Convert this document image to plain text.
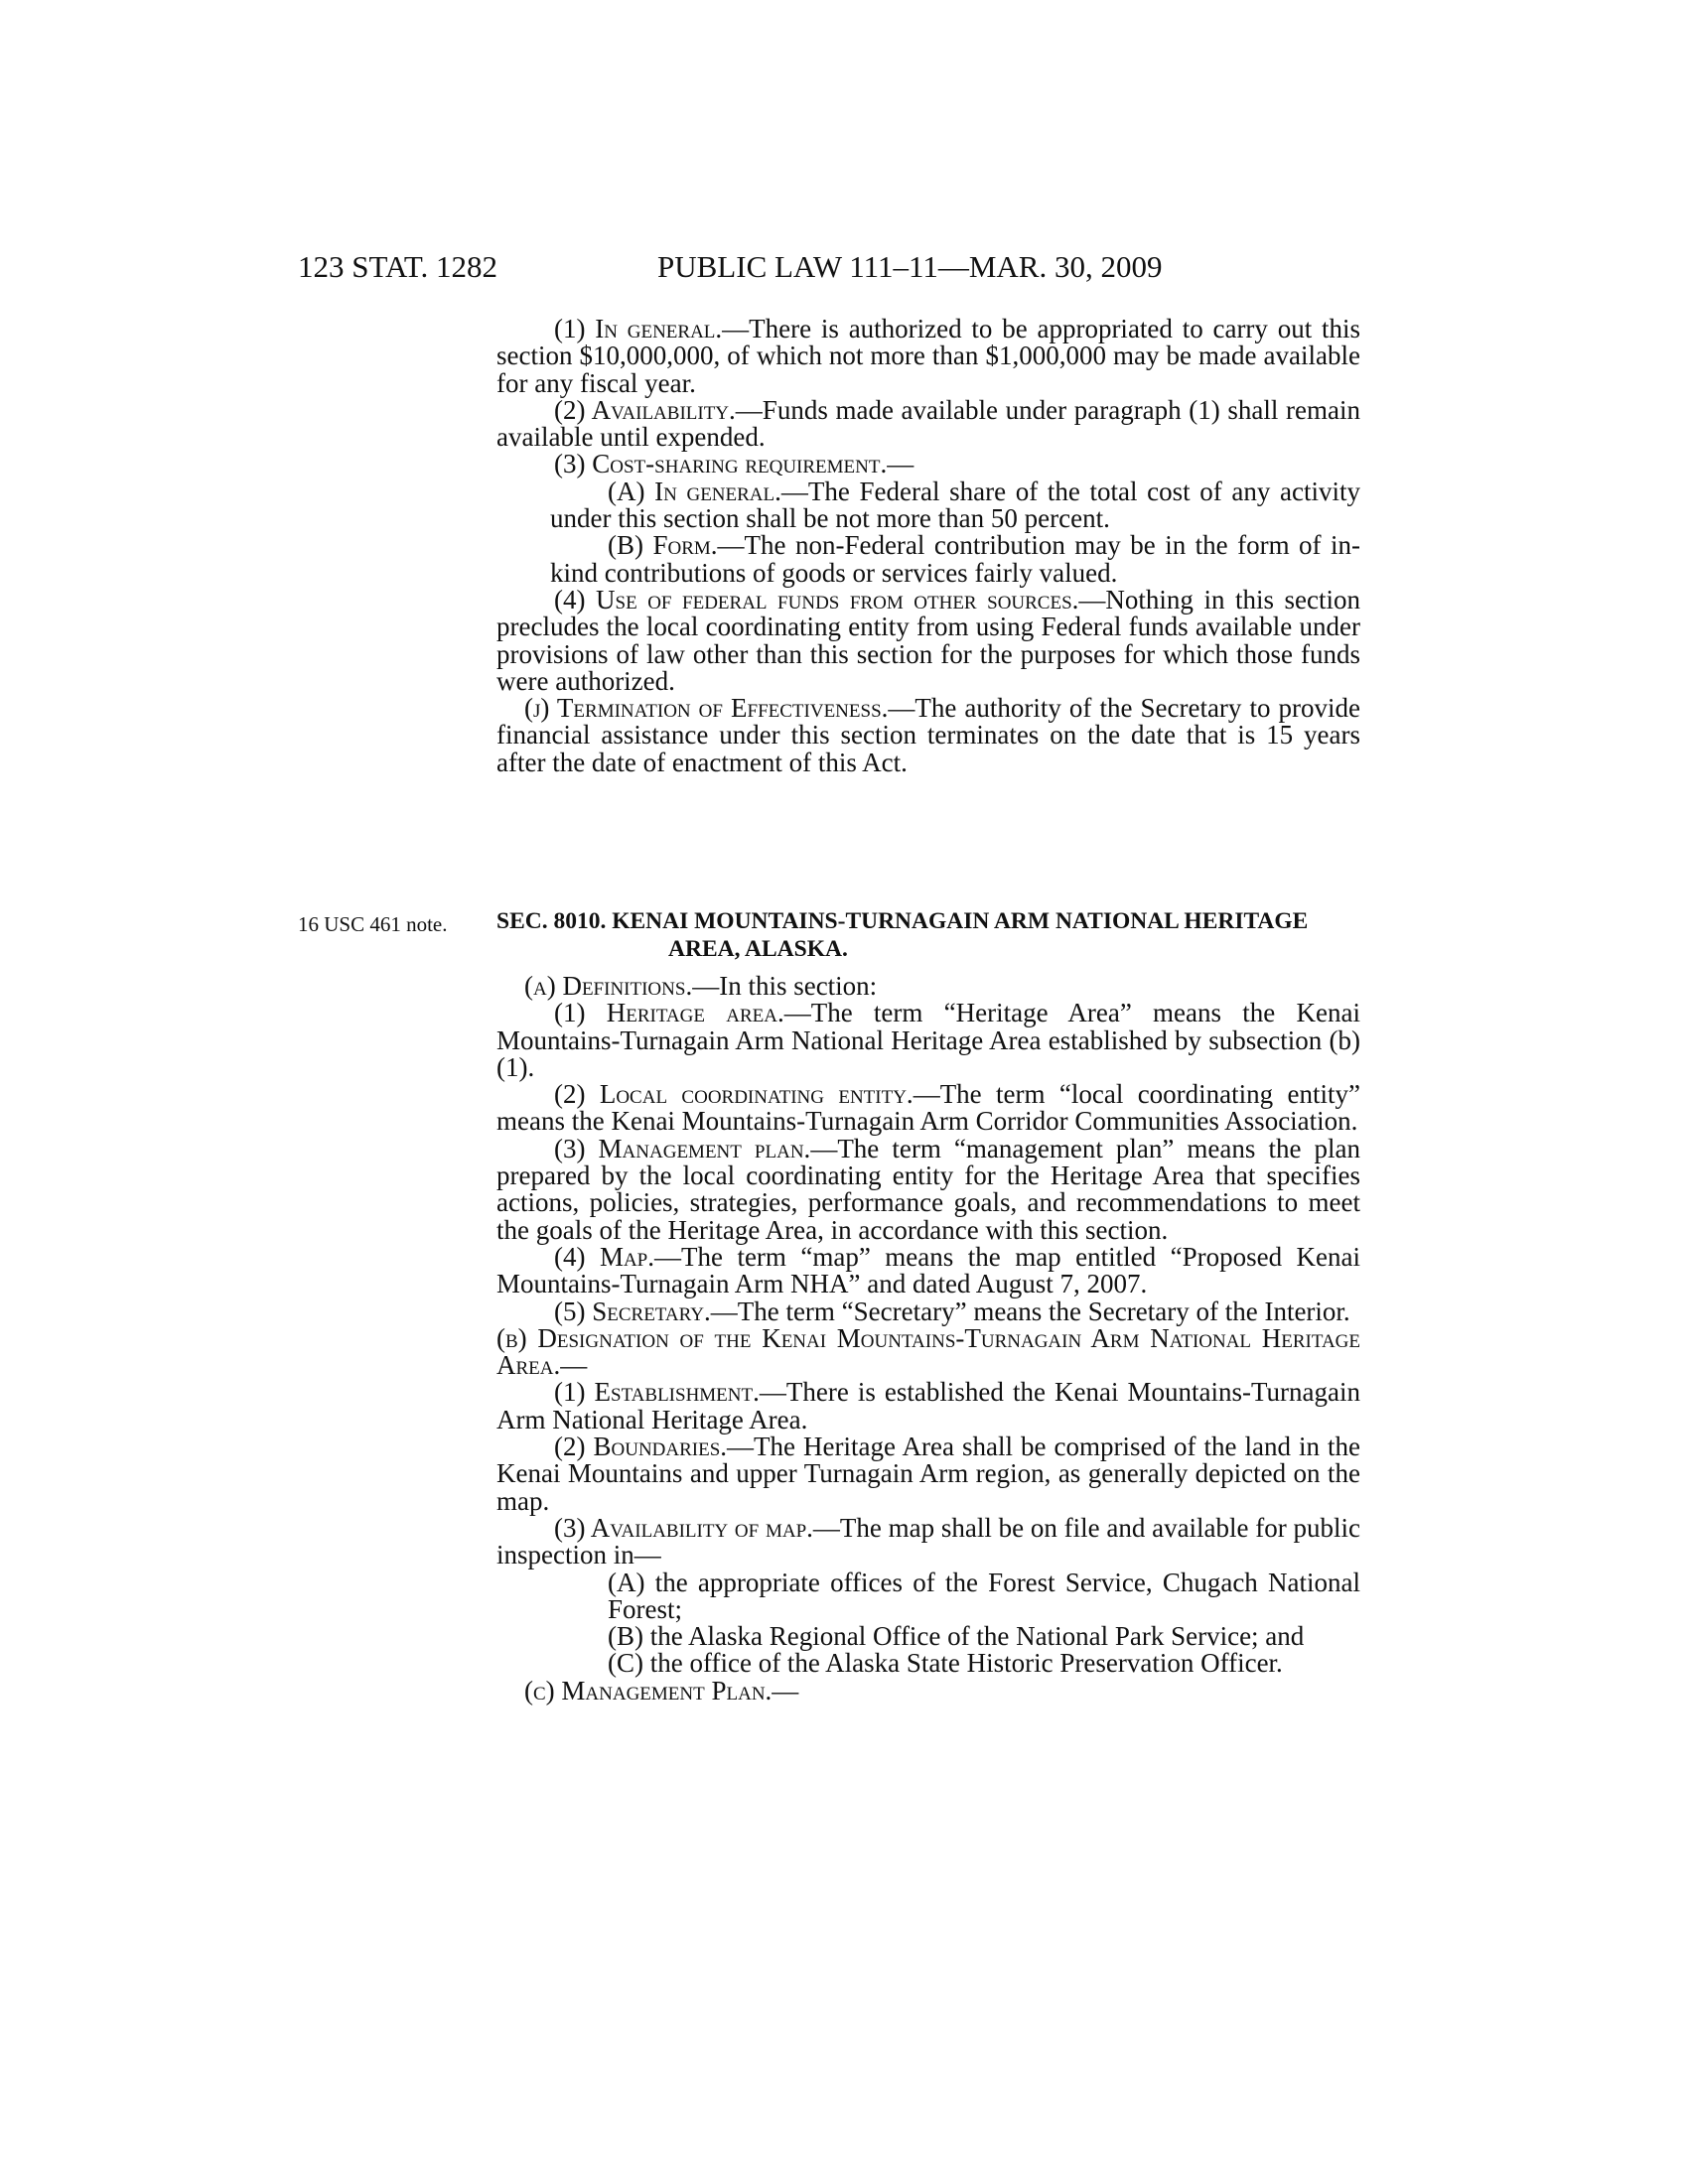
123 STAT. 1282	PUBLIC LAW 111–11—MAR. 30, 2009

(1) In general.—There is authorized to be appropriated to carry out this section $10,000,000, of which not more than $1,000,000 may be made available for any fiscal year.

(2) Availability.—Funds made available under paragraph (1) shall remain available until expended.

(3) Cost-sharing requirement.—

(A) In general.—The Federal share of the total cost of any activity under this section shall be not more than 50 percent.

(B) Form.—The non-Federal contribution may be in the form of in-kind contributions of goods or services fairly valued.

(4) Use of federal funds from other sources.—Nothing in this section precludes the local coordinating entity from using Federal funds available under provisions of law other than this section for the purposes for which those funds were authorized.

(j) Termination of Effectiveness.—The authority of the Secretary to provide financial assistance under this section terminates on the date that is 15 years after the date of enactment of this Act.

16 USC 461 note. SEC. 8010. KENAI MOUNTAINS-TURNAGAIN ARM NATIONAL HERITAGE
AREA, ALASKA.

(a) Definitions.—In this section:

(1) Heritage area.—The term “Heritage Area” means the Kenai Mountains-Turnagain Arm National Heritage Area established by subsection (b)(1).

(2) Local coordinating entity.—The term “local coordinating entity” means the Kenai Mountains-Turnagain Arm Corridor Communities Association.

(3) Management plan.—The term “management plan” means the plan prepared by the local coordinating entity for the Heritage Area that specifies actions, policies, strategies, performance goals, and recommendations to meet the goals of the Heritage Area, in accordance with this section.

(4) Map.—The term “map” means the map entitled “Proposed Kenai Mountains-Turnagain Arm NHA” and dated August 7, 2007.

(5) Secretary.—The term “Secretary” means the Secretary of the Interior.

(b) Designation of the Kenai Mountains-Turnagain Arm National Heritage Area.—

(1) Establishment.—There is established the Kenai Mountains-Turnagain Arm National Heritage Area.

(2) Boundaries.—The Heritage Area shall be comprised of the land in the Kenai Mountains and upper Turnagain Arm region, as generally depicted on the map.

(3) Availability of map.—The map shall be on file and available for public inspection in—

(A) the appropriate offices of the Forest Service, Chugach National Forest;

(B) the Alaska Regional Office of the National Park Service; and

(C) the office of the Alaska State Historic Preservation Officer.

(c) Management Plan.—
